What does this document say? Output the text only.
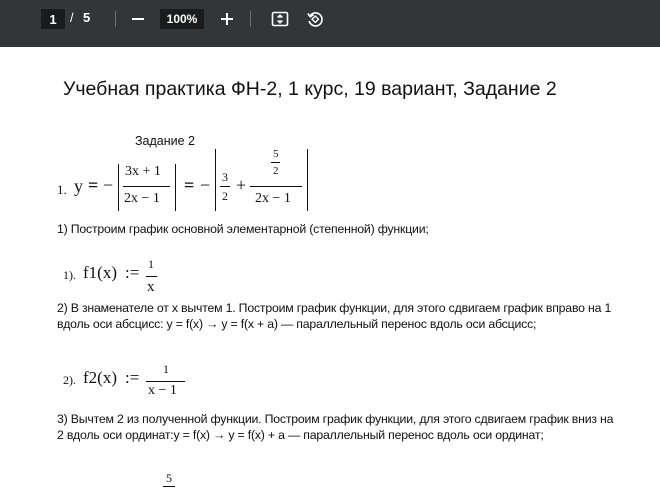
1	/ 5	100%
Учебная практика ФН-2, 1 курс, 19 вариант, Задание 2
Задание 2
1. y = −
3x + 1
2x − 1
= − 3
2
+
5
2
2x − 1
1) Построим график основной элементарной (степенной) функции;
1). f1(x) := 1
x
2) В знаменателе от x вычтем 1. Построим график функции, для этого сдвигаем график вправо на 1 вдоль оси абсцисс: y = f(x) → y = f(x + a) — параллельный перенос вдоль оси абсцисс;
2). f2(x) := 1
x − 1
3) Вычтем 2 из полученной функции. Построим график функции, для этого сдвигаем график вниз на 2 вдоль оси ординат:y = f(x) → y = f(x) + a — параллельный перенос вдоль оси ординат;
5
